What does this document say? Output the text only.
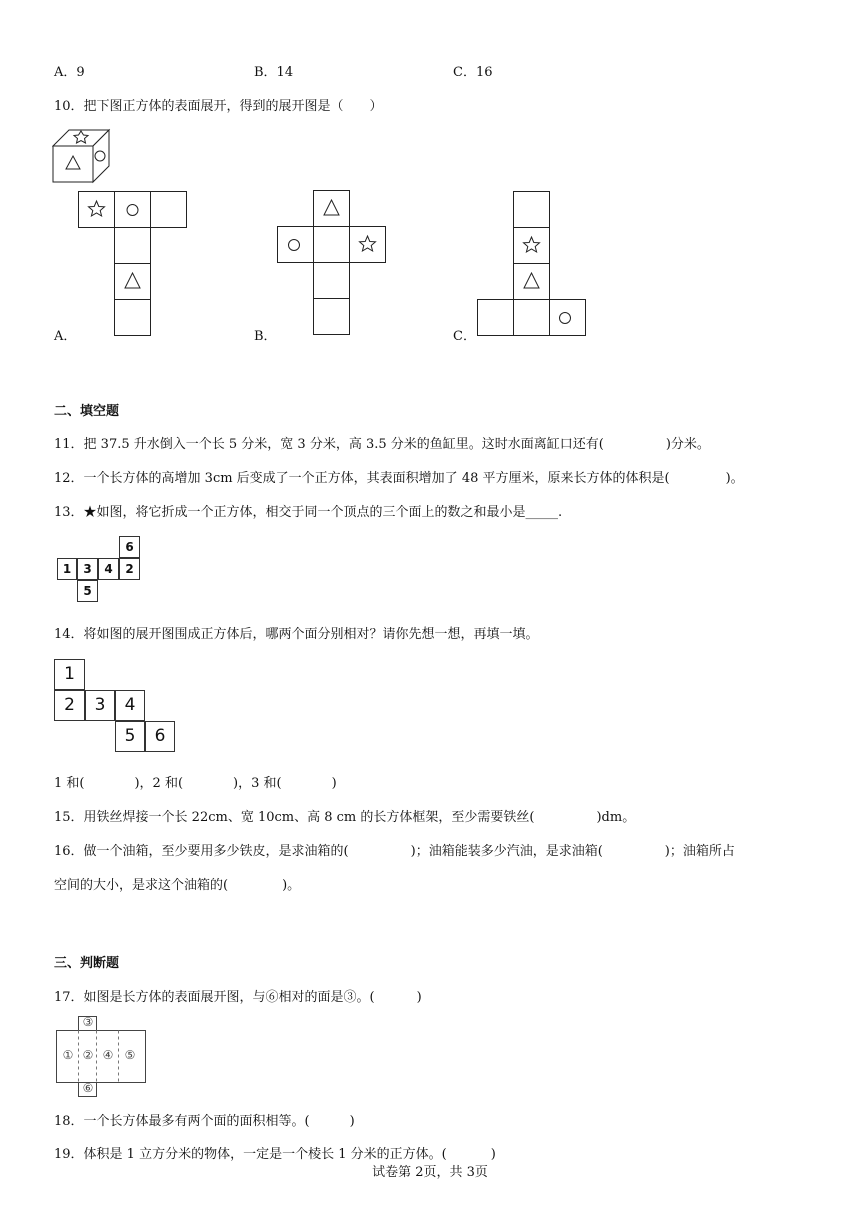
A．9	B．14	C．16
10．把下图正方体的表面展开，得到的展开图是（　　）
A．	B．	C．
二、填空题
11．把 37.5 升水倒入一个长 5 分米，宽 3 分米，高 3.5 分米的鱼缸里。这时水面离缸口还有(	)分米。
12．一个长方体的高增加 3cm 后变成了一个正方体，其表面积增加了 48 平方厘米，原来长方体的体积是(	)。
13．★如图，将它折成一个正方体，相交于同一个顶点的三个面上的数之和最小是_____.
1	3	4	2
6
5
14．将如图的展开图围成正方体后，哪两个面分别相对？请你先想一想，再填一填。
1
2	3	4
5	6
1 和(	)，2 和(	)，3 和(	)
15．用铁丝焊接一个长 22cm、宽 10cm、高 8 cm 的长方体框架，至少需要铁丝(	)dm。
16．做一个油箱，至少要用多少铁皮，是求油箱的(	)；油箱能装多少汽油，是求油箱(	)；油箱所占
空间的大小，是求这个油箱的(	)。
三、判断题
17．如图是长方体的表面展开图，与⑥相对的面是③。(	)
③
① ② ④ ⑤
⑥
18．一个长方体最多有两个面的面积相等。(	)
19．体积是 1 立方分米的物体，一定是一个棱长 1 分米的正方体。(	)
试卷第 2页，共 3页
